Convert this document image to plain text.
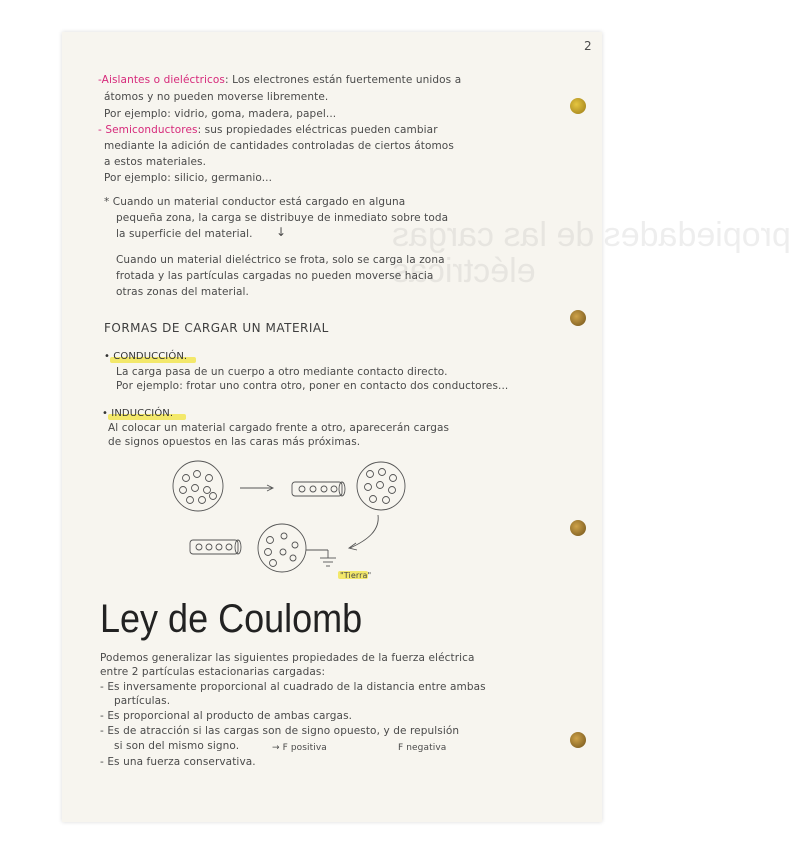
propiedades de las cargas
eléctricas
2
-Aislantes o dieléctricos: Los electrones están fuertemente unidos a
átomos y no pueden moverse libremente.
Por ejemplo: vidrio, goma, madera, papel...
- Semiconductores: sus propiedades eléctricas pueden cambiar
mediante la adición de cantidades controladas de ciertos átomos
a estos materiales.
Por ejemplo: silicio, germanio...
* Cuando un material conductor está cargado en alguna
pequeña zona, la carga se distribuye de inmediato sobre toda
la superficie del material. ↓
Cuando un material dieléctrico se frota, solo se carga la zona
frotada y las partículas cargadas no pueden moverse hacia
otras zonas del material.
FORMAS DE CARGAR UN MATERIAL
• CONDUCCIÓN.
La carga pasa de un cuerpo a otro mediante contacto directo.
Por ejemplo: frotar uno contra otro, poner en contacto dos conductores...
• INDUCCIÓN.
Al colocar un material cargado frente a otro, aparecerán cargas
de signos opuestos en las caras más próximas.
"Tierra"
Ley de Coulomb
Podemos generalizar las siguientes propiedades de la fuerza eléctrica
entre 2 partículas estacionarias cargadas:
- Es inversamente proporcional al cuadrado de la distancia entre ambas
partículas.
- Es proporcional al producto de ambas cargas.
- Es de atracción si las cargas son de signo opuesto, y de repulsión
si son del mismo signo.	→ F positiva	F negativa
- Es una fuerza conservativa.
